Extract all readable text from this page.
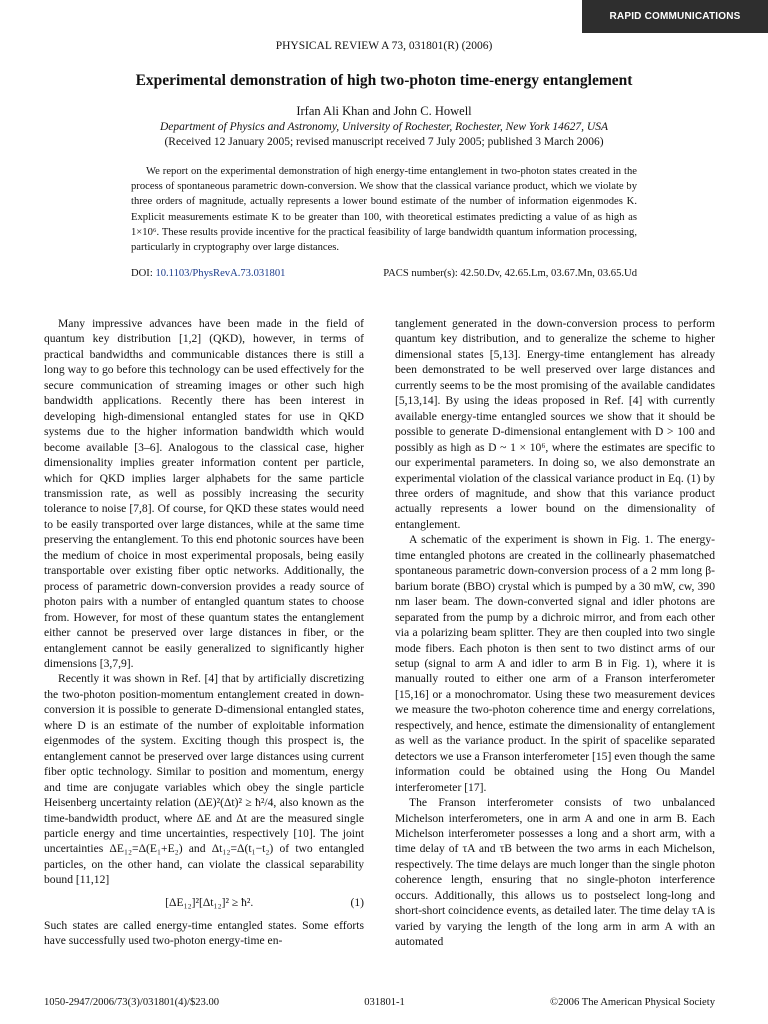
RAPID COMMUNICATIONS
PHYSICAL REVIEW A 73, 031801(R) (2006)
Experimental demonstration of high two-photon time-energy entanglement
Irfan Ali Khan and John C. Howell
Department of Physics and Astronomy, University of Rochester, Rochester, New York 14627, USA
(Received 12 January 2005; revised manuscript received 7 July 2005; published 3 March 2006)

We report on the experimental demonstration of high energy-time entanglement in two-photon states created in the process of spontaneous parametric down-conversion. We show that the classical variance product, which we violate by three orders of magnitude, actually represents a lower bound estimate of the number of information eigenmodes K. Explicit measurements estimate K to be greater than 100, with theoretical estimates predicting a value of as high as 1×10⁶. These results provide incentive for the practical feasibility of large bandwidth quantum information processing, particularly in cryptography over large distances.

DOI: 10.1103/PhysRevA.73.031801	PACS number(s): 42.50.Dv, 42.65.Lm, 03.67.Mn, 03.65.Ud

Many impressive advances have been made in the field of quantum key distribution [1,2] (QKD), however, in terms of practical bandwidths and communicable distances there is still a long way to go before this technology can be used effectively for the secure communication of streaming images or other such high bandwidth applications. Recently there has been interest in developing high-dimensional entangled states for use in QKD systems due to the higher information bandwidth which would become available [3–6]. Analogous to the classical case, higher dimensionality implies greater information content per particle, which for QKD implies larger alphabets for the same particle transmission rate, as well as possibly increasing the security tolerance to noise [7,8]. Of course, for QKD these states would need to be easily transported over large distances, while at the same time preserving the entanglement. To this end photonic sources have been the medium of choice in most experimental proposals, being easily transportable over existing fiber optic networks. Additionally, the process of parametric down-conversion provides a ready source of photon pairs with a number of entangled quantum states to choose from. However, for most of these quantum states the entanglement either cannot be preserved over large distances in fiber, or the entanglement cannot be easily generalized to significantly higher dimensions [3,7,9].

Recently it was shown in Ref. [4] that by artificially discretizing the two-photon position-momentum entanglement created in down-conversion it is possible to generate D-dimensional entangled states, where D is an estimate of the number of exploitable information eigenmodes of the system. Exciting though this prospect is, the entanglement cannot be preserved over large distances using current fiber optic technology. Similar to position and momentum, energy and time are conjugate variables which obey the single particle Heisenberg uncertainty relation (ΔE)²(Δt)² ≥ ħ²/4, also known as the time-bandwidth product, where ΔE and Δt are the measured single particle energy and time uncertainties, respectively [10]. The joint uncertainties ΔE₁₂=Δ(E₁+E₂) and Δt₁₂=Δ(t₁−t₂) of two entangled particles, on the other hand, can violate the classical separability bound [11,12]

[ΔE₁₂]²[Δt₁₂]² ≥ ħ².	(1)

Such states are called energy-time entangled states. Some efforts have successfully used two-photon energy-time en-

tanglement generated in the down-conversion process to perform quantum key distribution, and to generalize the scheme to higher dimensional states [5,13]. Energy-time entanglement has already been demonstrated to be well preserved over large distances and currently seems to be the most promising of the available candidates [5,13,14]. By using the ideas proposed in Ref. [4] with currently available energy-time entangled sources we show that it should be possible to generate D-dimensional entanglement with D > 100 and possibly as high as D ~ 1 × 10⁶, where the estimates are specific to our experimental parameters. In doing so, we also demonstrate an experimental violation of the classical variance product in Eq. (1) by three orders of magnitude, and show that this variance product actually represents a lower bound on the dimensionality of entanglement.

A schematic of the experiment is shown in Fig. 1. The energy-time entangled photons are created in the collinearly phasematched spontaneous parametric down-conversion process of a 2 mm long β-barium borate (BBO) crystal which is pumped by a 30 mW, cw, 390 nm laser beam. The down-converted signal and idler photons are separated from the pump by a dichroic mirror, and from each other via a polarizing beam splitter. They are then coupled into two single mode fibers. Each photon is then sent to two distinct arms of our setup (signal to arm A and idler to arm B in Fig. 1), where it is manually routed to either one arm of a Franson interferometer [15,16] or a monochromator. Using these two measurement devices we measure the two-photon coherence time and energy correlations, respectively, and hence, estimate the dimensionality of entanglement as well as the variance product. In the spirit of spacelike separated detectors we use a Franson interferometer [15] even though the same information could be obtained using the Hong Ou Mandel interferometer [17].

The Franson interferometer consists of two unbalanced Michelson interferometers, one in arm A and one in arm B. Each Michelson interferometer possesses a long and a short arm, with a time delay of τA and τB between the two arms in each Michelson, respectively. The time delays are much longer than the single photon coherence length, ensuring that no single-photon interference occurs. Additionally, this allows us to postselect long-long and short-short coincidence events, as detailed later. The time delay τA is varied by varying the length of the long arm in arm A with an automated

1050-2947/2006/73(3)/031801(4)/$23.00	031801-1	©2006 The American Physical Society
